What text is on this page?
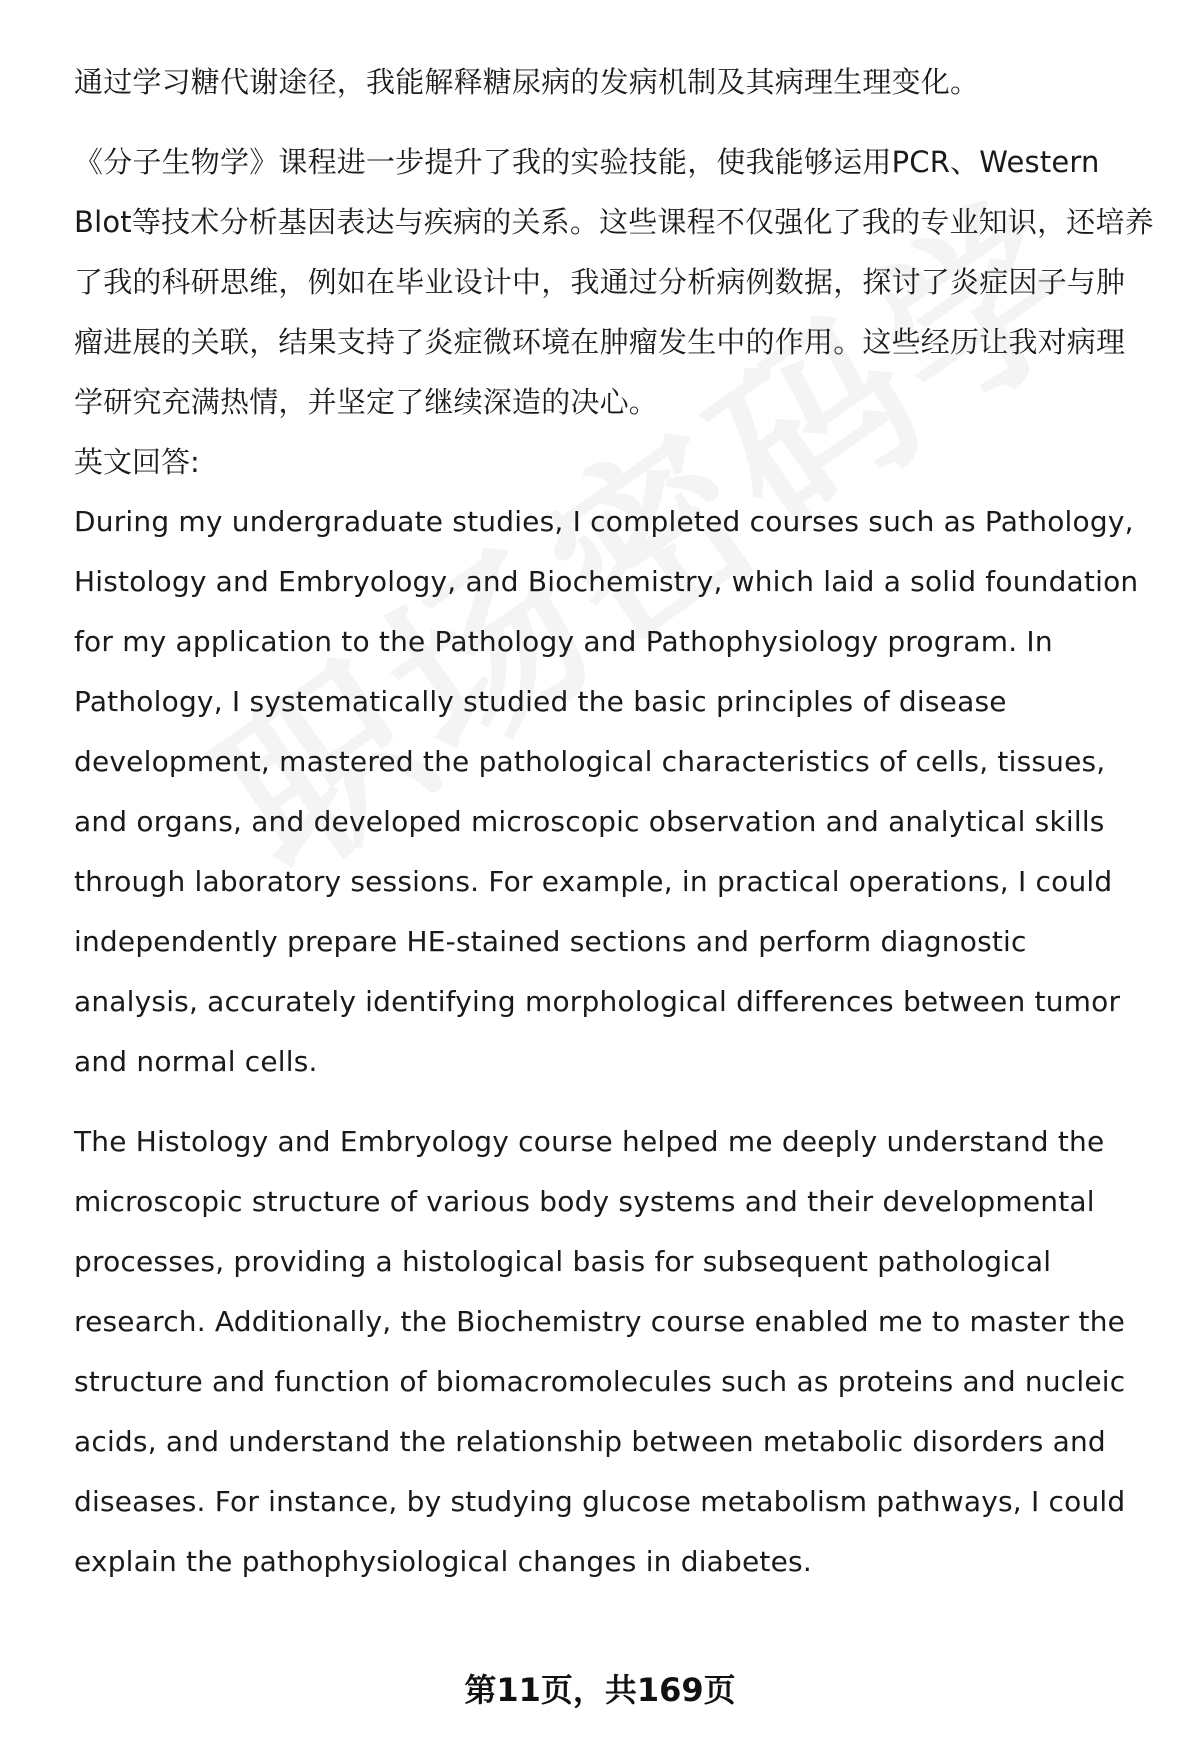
通过学习糖代谢途径，我能解释糖尿病的发病机制及其病理生理变化。

《分子生物学》课程进一步提升了我的实验技能，使我能够运用PCR、Western Blot等技术分析基因表达与疾病的关系。这些课程不仅强化了我的专业知识，还培养了我的科研思维，例如在毕业设计中，我通过分析病例数据，探讨了炎症因子与肿瘤进展的关联，结果支持了炎症微环境在肿瘤发生中的作用。这些经历让我对病理学研究充满热情，并坚定了继续深造的决心。

英文回答:

During my undergraduate studies, I completed courses such as Pathology, Histology and Embryology, and Biochemistry, which laid a solid foundation for my application to the Pathology and Pathophysiology program. In Pathology, I systematically studied the basic principles of disease development, mastered the pathological characteristics of cells, tissues, and organs, and developed microscopic observation and analytical skills through laboratory sessions. For example, in practical operations, I could independently prepare HE-stained sections and perform diagnostic analysis, accurately identifying morphological differences between tumor and normal cells.

The Histology and Embryology course helped me deeply understand the microscopic structure of various body systems and their developmental processes, providing a histological basis for subsequent pathological research. Additionally, the Biochemistry course enabled me to master the structure and function of biomacromolecules such as proteins and nucleic acids, and understand the relationship between metabolic disorders and diseases. For instance, by studying glucose metabolism pathways, I could explain the pathophysiological changes in diabetes.

第11页，共169页
